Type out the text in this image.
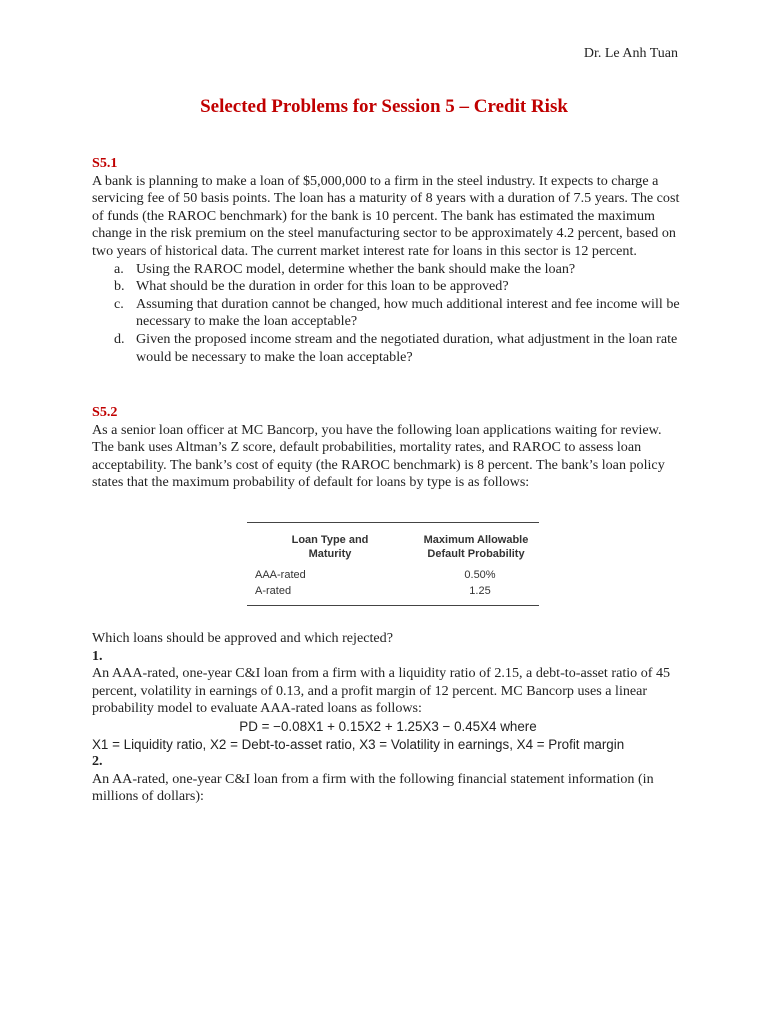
Dr. Le Anh Tuan
Selected Problems for Session 5 – Credit Risk

S5.1

A bank is planning to make a loan of $5,000,000 to a firm in the steel industry. It expects to charge a servicing fee of 50 basis points. The loan has a maturity of 8 years with a duration of 7.5 years. The cost of funds (the RAROC benchmark) for the bank is 10 percent. The bank has estimated the maximum change in the risk premium on the steel manufacturing sector to be approximately 4.2 percent, based on two years of historical data. The current market interest rate for loans in this sector is 12 percent.

a. Using the RAROC model, determine whether the bank should make the loan?
b. What should be the duration in order for this loan to be approved?
c. Assuming that duration cannot be changed, how much additional interest and fee income will be necessary to make the loan acceptable?
d. Given the proposed income stream and the negotiated duration, what adjustment in the loan rate would be necessary to make the loan acceptable?

S5.2

As a senior loan officer at MC Bancorp, you have the following loan applications waiting for review. The bank uses Altman’s Z score, default probabilities, mortality rates, and RAROC to assess loan acceptability. The bank’s cost of equity (the RAROC benchmark) is 8 percent. The bank’s loan policy states that the maximum probability of default for loans by type is as follows:

Loan Type and Maturity
Maximum Allowable Default Probability
AAA-rated	0.50%
A-rated	1.25

Which loans should be approved and which rejected?

1.

An AAA-rated, one-year C&I loan from a firm with a liquidity ratio of 2.15, a debt-to-asset ratio of 45 percent, volatility in earnings of 0.13, and a profit margin of 12 percent. MC Bancorp uses a linear probability model to evaluate AAA-rated loans as follows:

PD = −0.08X1 + 0.15X2 + 1.25X3 − 0.45X4 where

X1 = Liquidity ratio, X2 = Debt-to-asset ratio, X3 = Volatility in earnings, X4 = Profit margin

2.

An AA-rated, one-year C&I loan from a firm with the following financial statement information (in millions of dollars):
